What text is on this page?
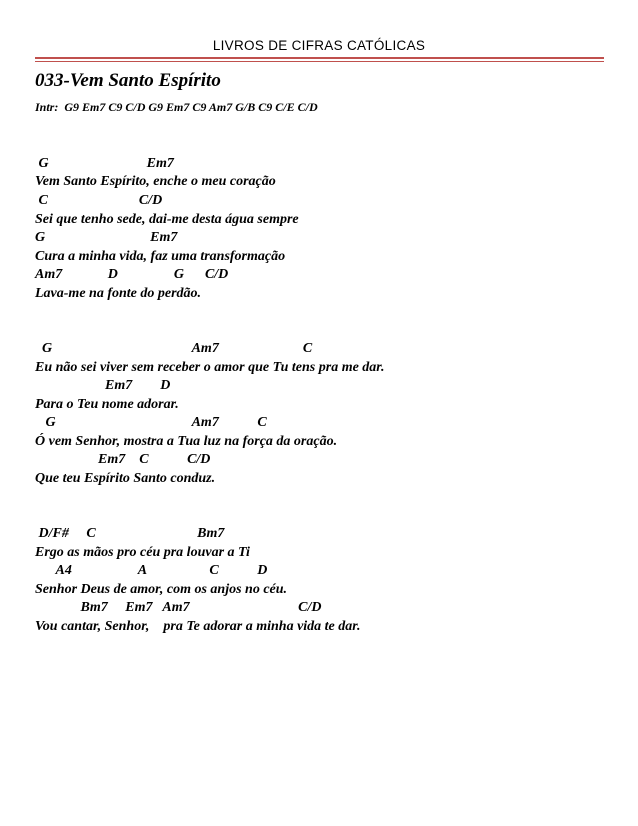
LIVROS DE CIFRAS CATÓLICAS
033-Vem Santo Espírito
Intr:  G9 Em7 C9 C/D G9 Em7 C9 Am7 G/B C9 C/E C/D
G                            Em7
Vem Santo Espírito, enche o meu coração
C                          C/D
Sei que tenho sede, dai-me desta água sempre
G                              Em7
Cura a minha vida, faz uma transformação
Am7             D                G      C/D
Lava-me na fonte do perdão.
G                                        Am7                        C
Eu não sei viver sem receber o amor que Tu tens pra me dar.
Em7        D
Para o Teu nome adorar.
G                                       Am7           C
Ó vem Senhor, mostra a Tua luz na força da oração.
Em7    C           C/D
Que teu Espírito Santo conduz.
D/F#     C                             Bm7
Ergo as mãos pro céu pra louvar a Ti
A4                   A                  C           D
Senhor Deus de amor, com os anjos no céu.
Bm7     Em7   Am7                               C/D
Vou cantar, Senhor,    pra Te adorar a minha vida te dar.
